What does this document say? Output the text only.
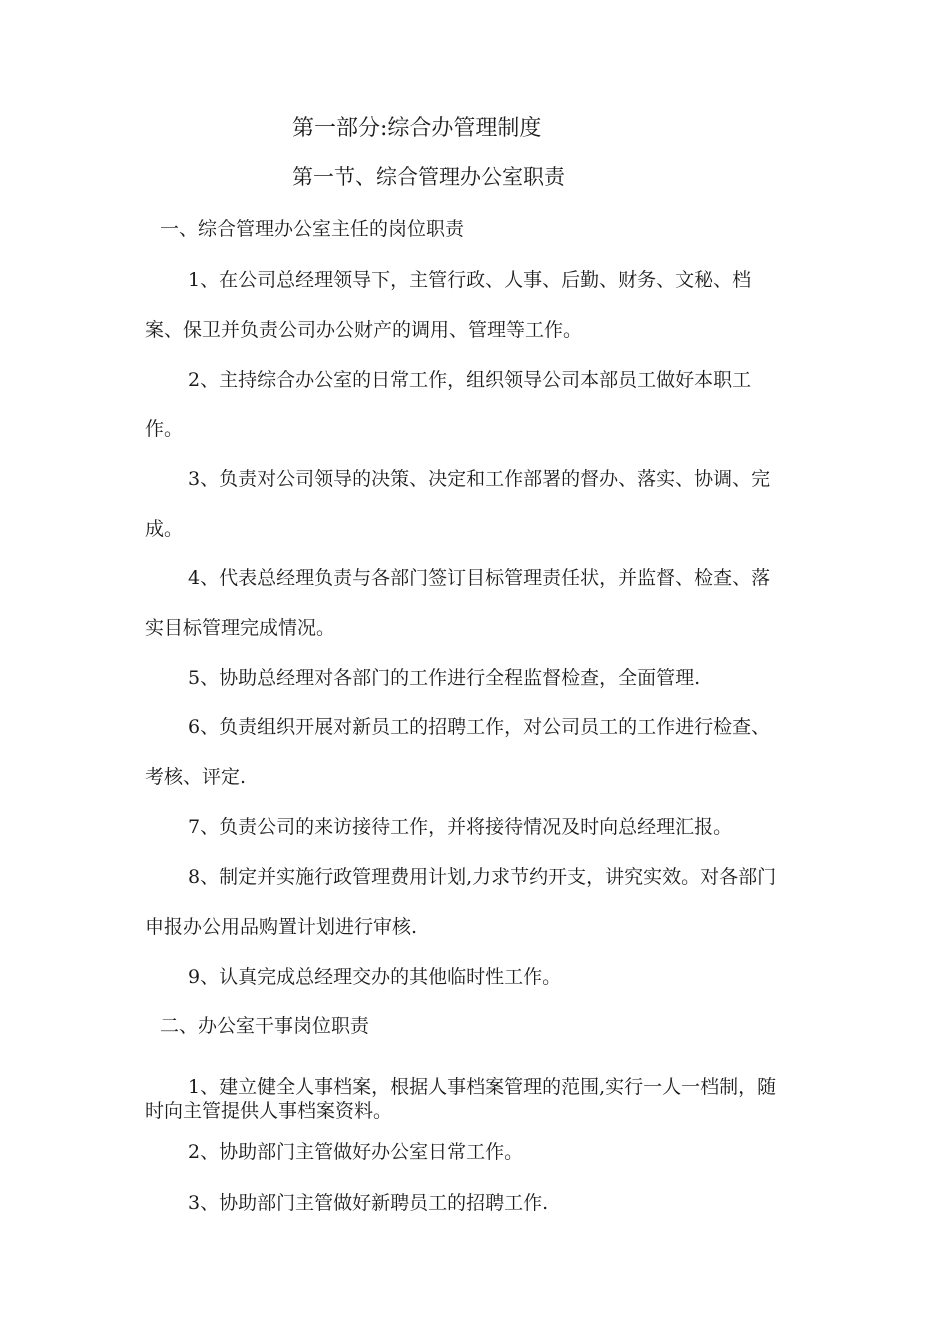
第一部分:综合办管理制度
第一节、综合管理办公室职责
一、综合管理办公室主任的岗位职责
1、在公司总经理领导下，主管行政、人事、后勤、财务、文秘、档
案、保卫并负责公司办公财产的调用、管理等工作。
2、主持综合办公室的日常工作，组织领导公司本部员工做好本职工
作。
3、负责对公司领导的决策、决定和工作部署的督办、落实、协调、完
成。
4、代表总经理负责与各部门签订目标管理责任状，并监督、检查、落
实目标管理完成情况。
5、协助总经理对各部门的工作进行全程监督检查，全面管理.
6、负责组织开展对新员工的招聘工作，对公司员工的工作进行检查、
考核、评定.
7、负责公司的来访接待工作，并将接待情况及时向总经理汇报。
8、制定并实施行政管理费用计划,力求节约开支，讲究实效。对各部门
申报办公用品购置计划进行审核.
9、认真完成总经理交办的其他临时性工作。
二、办公室干事岗位职责
1、建立健全人事档案，根据人事档案管理的范围,实行一人一档制，随
时向主管提供人事档案资料。
2、协助部门主管做好办公室日常工作。
3、协助部门主管做好新聘员工的招聘工作.
